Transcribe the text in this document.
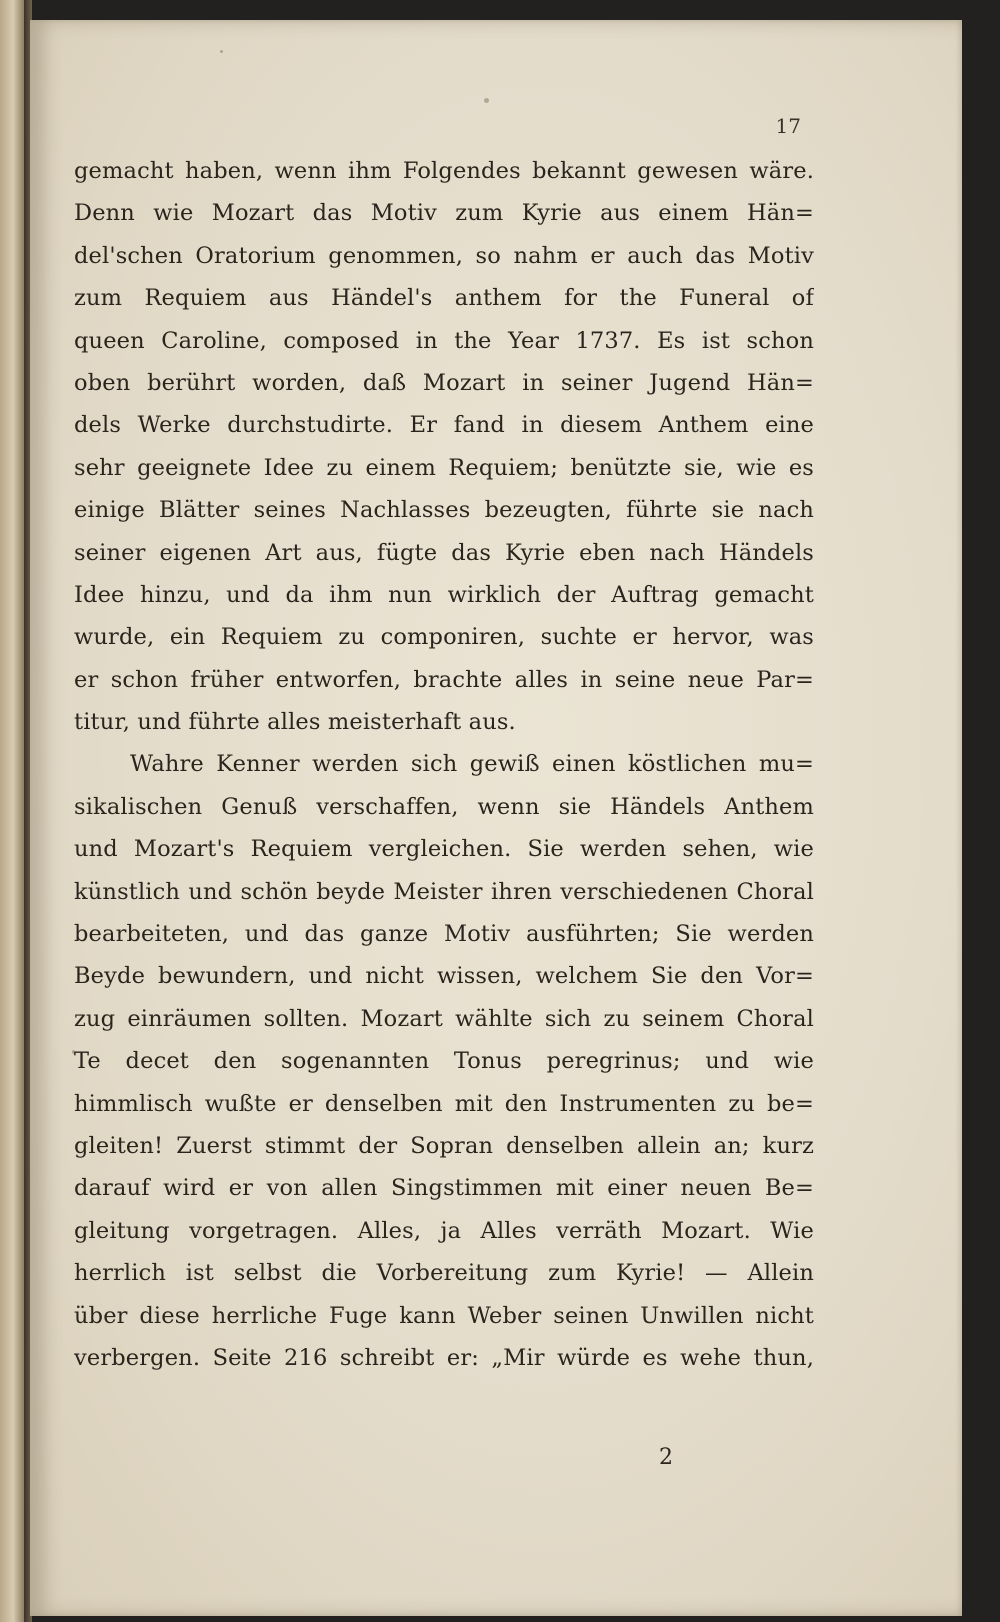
17
gemacht haben, wenn ihm Folgendes bekannt gewesen wäre.
Denn wie Mozart das Motiv zum Kyrie aus einem Hän=
del'schen Oratorium genommen, so nahm er auch das Motiv
zum Requiem aus Händel's anthem for the Funeral of
queen Caroline, composed in the Year 1737. Es ist schon
oben berührt worden, daß Mozart in seiner Jugend Hän=
dels Werke durchstudirte. Er fand in diesem Anthem eine
sehr geeignete Idee zu einem Requiem; benützte sie, wie es
einige Blätter seines Nachlasses bezeugten, führte sie nach
seiner eigenen Art aus, fügte das Kyrie eben nach Händels
Idee hinzu, und da ihm nun wirklich der Auftrag gemacht
wurde, ein Requiem zu componiren, suchte er hervor, was
er schon früher entworfen, brachte alles in seine neue Par=
titur, und führte alles meisterhaft aus.
Wahre Kenner werden sich gewiß einen köstlichen mu=
sikalischen Genuß verschaffen, wenn sie Händels Anthem
und Mozart's Requiem vergleichen. Sie werden sehen, wie
künstlich und schön beyde Meister ihren verschiedenen Choral
bearbeiteten, und das ganze Motiv ausführten; Sie werden
Beyde bewundern, und nicht wissen, welchem Sie den Vor=
zug einräumen sollten. Mozart wählte sich zu seinem Choral
Te decet den sogenannten Tonus peregrinus; und wie
himmlisch wußte er denselben mit den Instrumenten zu be=
gleiten! Zuerst stimmt der Sopran denselben allein an; kurz
darauf wird er von allen Singstimmen mit einer neuen Be=
gleitung vorgetragen. Alles, ja Alles verräth Mozart. Wie
herrlich ist selbst die Vorbereitung zum Kyrie! — Allein
über diese herrliche Fuge kann Weber seinen Unwillen nicht
verbergen. Seite 216 schreibt er: „Mir würde es wehe thun,
2
